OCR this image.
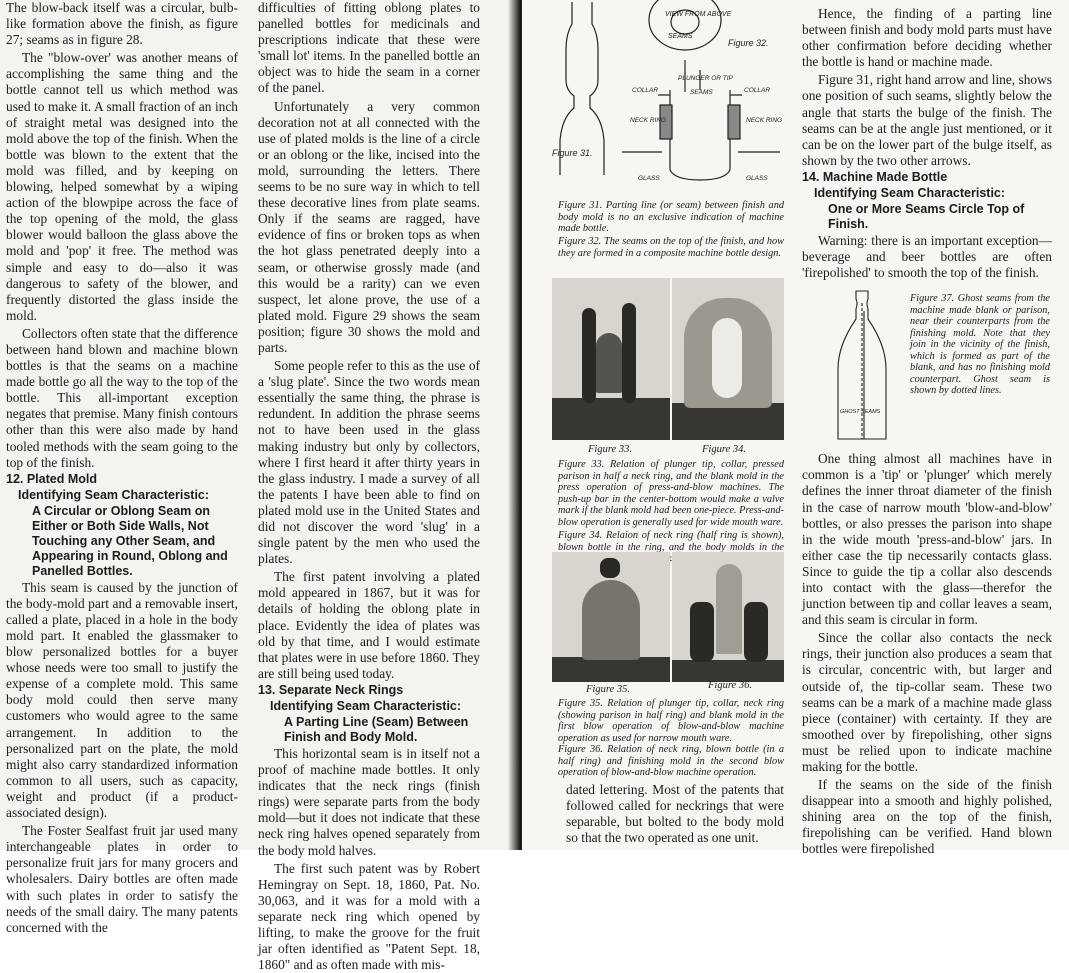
The blow-back itself was a circular, bulb-like formation above the finish, as figure 27; seams as in figure 28.

The "blow-over' was another means of accomplishing the same thing and the bottle cannot tell us which method was used to make it. A small fraction of an inch of straight metal was designed into the mold above the top of the finish. When the bottle was blown to the extent that the mold was filled, and by keeping on blowing, helped somewhat by a wiping action of the blowpipe across the face of the top opening of the mold, the glass blower would balloon the glass above the mold and 'pop' it free. The method was simple and easy to do—also it was dangerous to safety of the blower, and frequently distorted the glass inside the mold.

Collectors often state that the difference between hand blown and machine blown bottles is that the seams on a machine made bottle go all the way to the top of the bottle. This all-important exception negates that premise. Many finish contours other than this were also made by hand tooled methods with the seam going to the top of the finish.

12. Plated Mold
Identifying Seam Characteristic:
A Circular or Oblong Seam on Either or Both Side Walls, Not Touching any Other Seam, and Appearing in Round, Oblong and Panelled Bottles.

This seam is caused by the junction of the body-mold part and a removable insert, called a plate, placed in a hole in the body mold part. It enabled the glassmaker to blow personalized bottles for a buyer whose needs were too small to justify the expense of a complete mold. This same body mold could then serve many customers who would agree to the same arrangement. In addition to the personalized part on the plate, the mold might also carry standardized information common to all users, such as capacity, weight and product (if a product-associated design).

The Foster Sealfast fruit jar used many interchangeable plates in order to personalize fruit jars for many grocers and wholesalers. Dairy bottles are often made with such plates in order to satisfy the needs of the small dairy. The many patents concerned with the

difficulties of fitting oblong plates to panelled bottles for medicinals and prescriptions indicate that these were 'small lot' items. In the panelled bottle an object was to hide the seam in a corner of the panel.

Unfortunately a very common decoration not at all connected with the use of plated molds is the line of a circle or an oblong or the like, incised into the mold, surrounding the letters. There seems to be no sure way in which to tell these decorative lines from plate seams. Only if the seams are ragged, have evidence of fins or broken tops as when the hot glass penetrated deeply into a seam, or otherwise grossly made (and this would be a rarity) can we even suspect, let alone prove, the use of a plated mold. Figure 29 shows the seam position; figure 30 shows the mold and parts.

Some people refer to this as the use of a 'slug plate'. Since the two words mean essentially the same thing, the phrase is redundent. In addition the phrase seems not to have been used in the glass making industry but only by collectors, where I first heard it after thirty years in the glass industry. I made a survey of all the patents I have been able to find on plated mold use in the United States and did not discover the word 'slug' in a single patent by the men who used the plates.

The first patent involving a plated mold appeared in 1867, but it was for details of holding the oblong plate in place. Evidently the idea of plates was old by that time, and I would estimate that plates were in use before 1860. They are still being used today.

13. Separate Neck Rings
Identifying Seam Characteristic:
A Parting Line (Seam) Between Finish and Body Mold.

This horizontal seam is in itself not a proof of machine made bottles. It only indicates that the neck rings (finish rings) were separate parts from the body mold—but it does not indicate that these neck ring halves opened separately from the body mold halves.

The first such patent was by Robert Hemingray on Sept. 18, 1860, Pat. No. 30,063, and it was for a mold with a separate neck ring which opened by lifting, to make the groove for the fruit jar often identified as "Patent Sept. 18, 1860" and as often made with mis-

VIEW FROM ABOVE
SEAMS
Figure 32.
PLUNGER OR TIP
SEAMS
COLLAR	COLLAR
NECK RING	NECK RING
Figure 31.
GLASS	GLASS
Figure 31. Parting line (or seam) between finish and body mold is no an exclusive indication of machine made bottle.
Figure 32. The seams on the top of the finish, and how they are formed in a composite machine bottle design.
Figure 33.	Figure 34.
Figure 33. Relation of plunger tip, collar, pressed parison in half a neck ring, and the blank mold in the press operation of press-and-blow machines. The push-up bar in the center-bottom would make a valve mark if the blank mold had been one-piece. Press-and-blow operation is generally used for wide mouth ware.
Figure 34. Relaion of neck ring (half ring is shown), blown bottle in the ring, and the body molds in the
Figure 35.	Figure 36.
Figure 35. Relation of plunger tip, collar, neck ring (showing parison in half ring) and blank mold in the first blow operation of blow-and-blow machine operation as used for narrow mouth ware.
Figure 36. Relation of neck ring, blown bottle (in a half ring) and finishing mold in the second blow operation of blow-and-blow machine operation.

dated lettering. Most of the patents that followed called for neckrings that were separable, but bolted to the body mold so that the two operated as one unit.

Hence, the finding of a parting line between finish and body mold parts must have other confirmation before deciding whether the bottle is hand or machine made.

Figure 31, right hand arrow and line, shows one position of such seams, slightly below the angle that starts the bulge of the finish. The seams can be at the angle just mentioned, or it can be on the lower part of the bulge itself, as shown by the two other arrows.

14. Machine Made Bottle
Identifying Seam Characteristic:
One or More Seams Circle Top of Finish.

Warning: there is an important exception—beverage and beer bottles are often 'firepolished' to smooth the top of the finish.

GHOST SEAMS
Figure 37. Ghost seams from the machine made blank or parison, near their counterparts from the finishing mold. Note that they join in the vicinity of the finish, which is formed as part of the blank, and has no finishing mold counterpart. Ghost seam is shown by dotted lines.

One thing almost all machines have in common is a 'tip' or 'plunger' which merely defines the inner throat diameter of the finish in the case of narrow mouth 'blow-and-blow' bottles, or also presses the parison into shape in the wide mouth 'press-and-blow' jars. In either case the tip necessarily contacts glass. Since to guide the tip a collar also descends into contact with the glass—therefor the junction between tip and collar leaves a seam, and this seam is circular in form.

Since the collar also contacts the neck rings, their junction also produces a seam that is circular, concentric with, but larger and outside of, the tip-collar seam. These two seams can be a mark of a machine made glass piece (container) with certainty. If they are smoothed over by firepolishing, other signs must be relied upon to indicate machine making for the bottle.

If the seams on the side of the finish disappear into a smooth and highly polished, shining area on the top of the finish, firepolishing can be verified. Hand blown bottles were firepolished
